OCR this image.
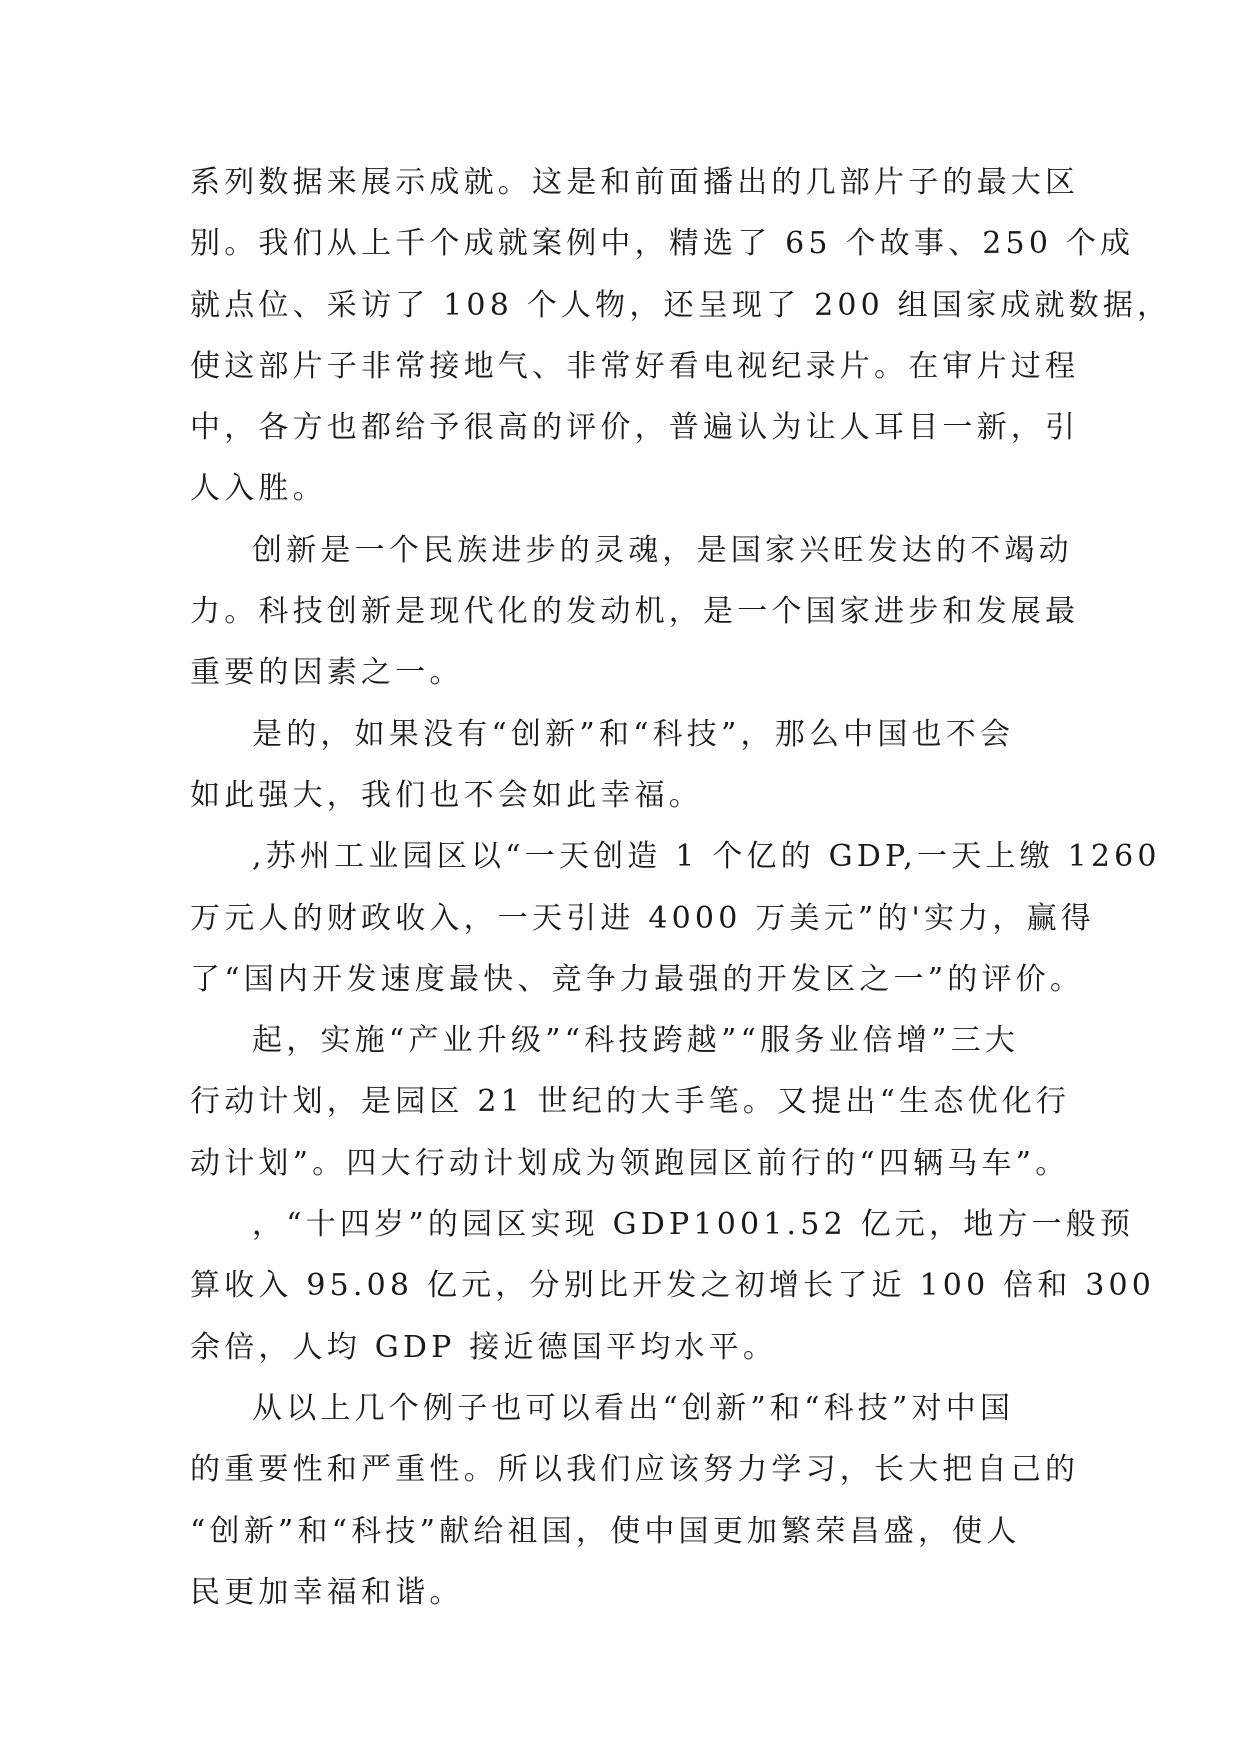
系列数据来展示成就。这是和前面播出的几部片子的最大区
别。我们从上千个成就案例中，精选了 65 个故事、250 个成
就点位、采访了 108 个人物，还呈现了 200 组国家成就数据，
使这部片子非常接地气、非常好看电视纪录片。在审片过程
中，各方也都给予很高的评价，普遍认为让人耳目一新，引
人入胜。
创新是一个民族进步的灵魂，是国家兴旺发达的不竭动
力。科技创新是现代化的发动机，是一个国家进步和发展最
重要的因素之一。
是的，如果没有“创新”和“科技”，那么中国也不会
如此强大，我们也不会如此幸福。
,苏州工业园区以“一天创造 1 个亿的 GDP,一天上缴 1260
万元人的财政收入，一天引进 4000 万美元”的'实力，赢得
了“国内开发速度最快、竞争力最强的开发区之一”的评价。
起，实施“产业升级”“科技跨越”“服务业倍增”三大
行动计划，是园区 21 世纪的大手笔。又提出“生态优化行
动计划”。四大行动计划成为领跑园区前行的“四辆马车”。
，“十四岁”的园区实现 GDP1001.52 亿元，地方一般预
算收入 95.08 亿元，分别比开发之初增长了近 100 倍和 300
余倍，人均 GDP 接近德国平均水平。
从以上几个例子也可以看出“创新”和“科技”对中国
的重要性和严重性。所以我们应该努力学习，长大把自己的
“创新”和“科技”献给祖国，使中国更加繁荣昌盛，使人
民更加幸福和谐。
